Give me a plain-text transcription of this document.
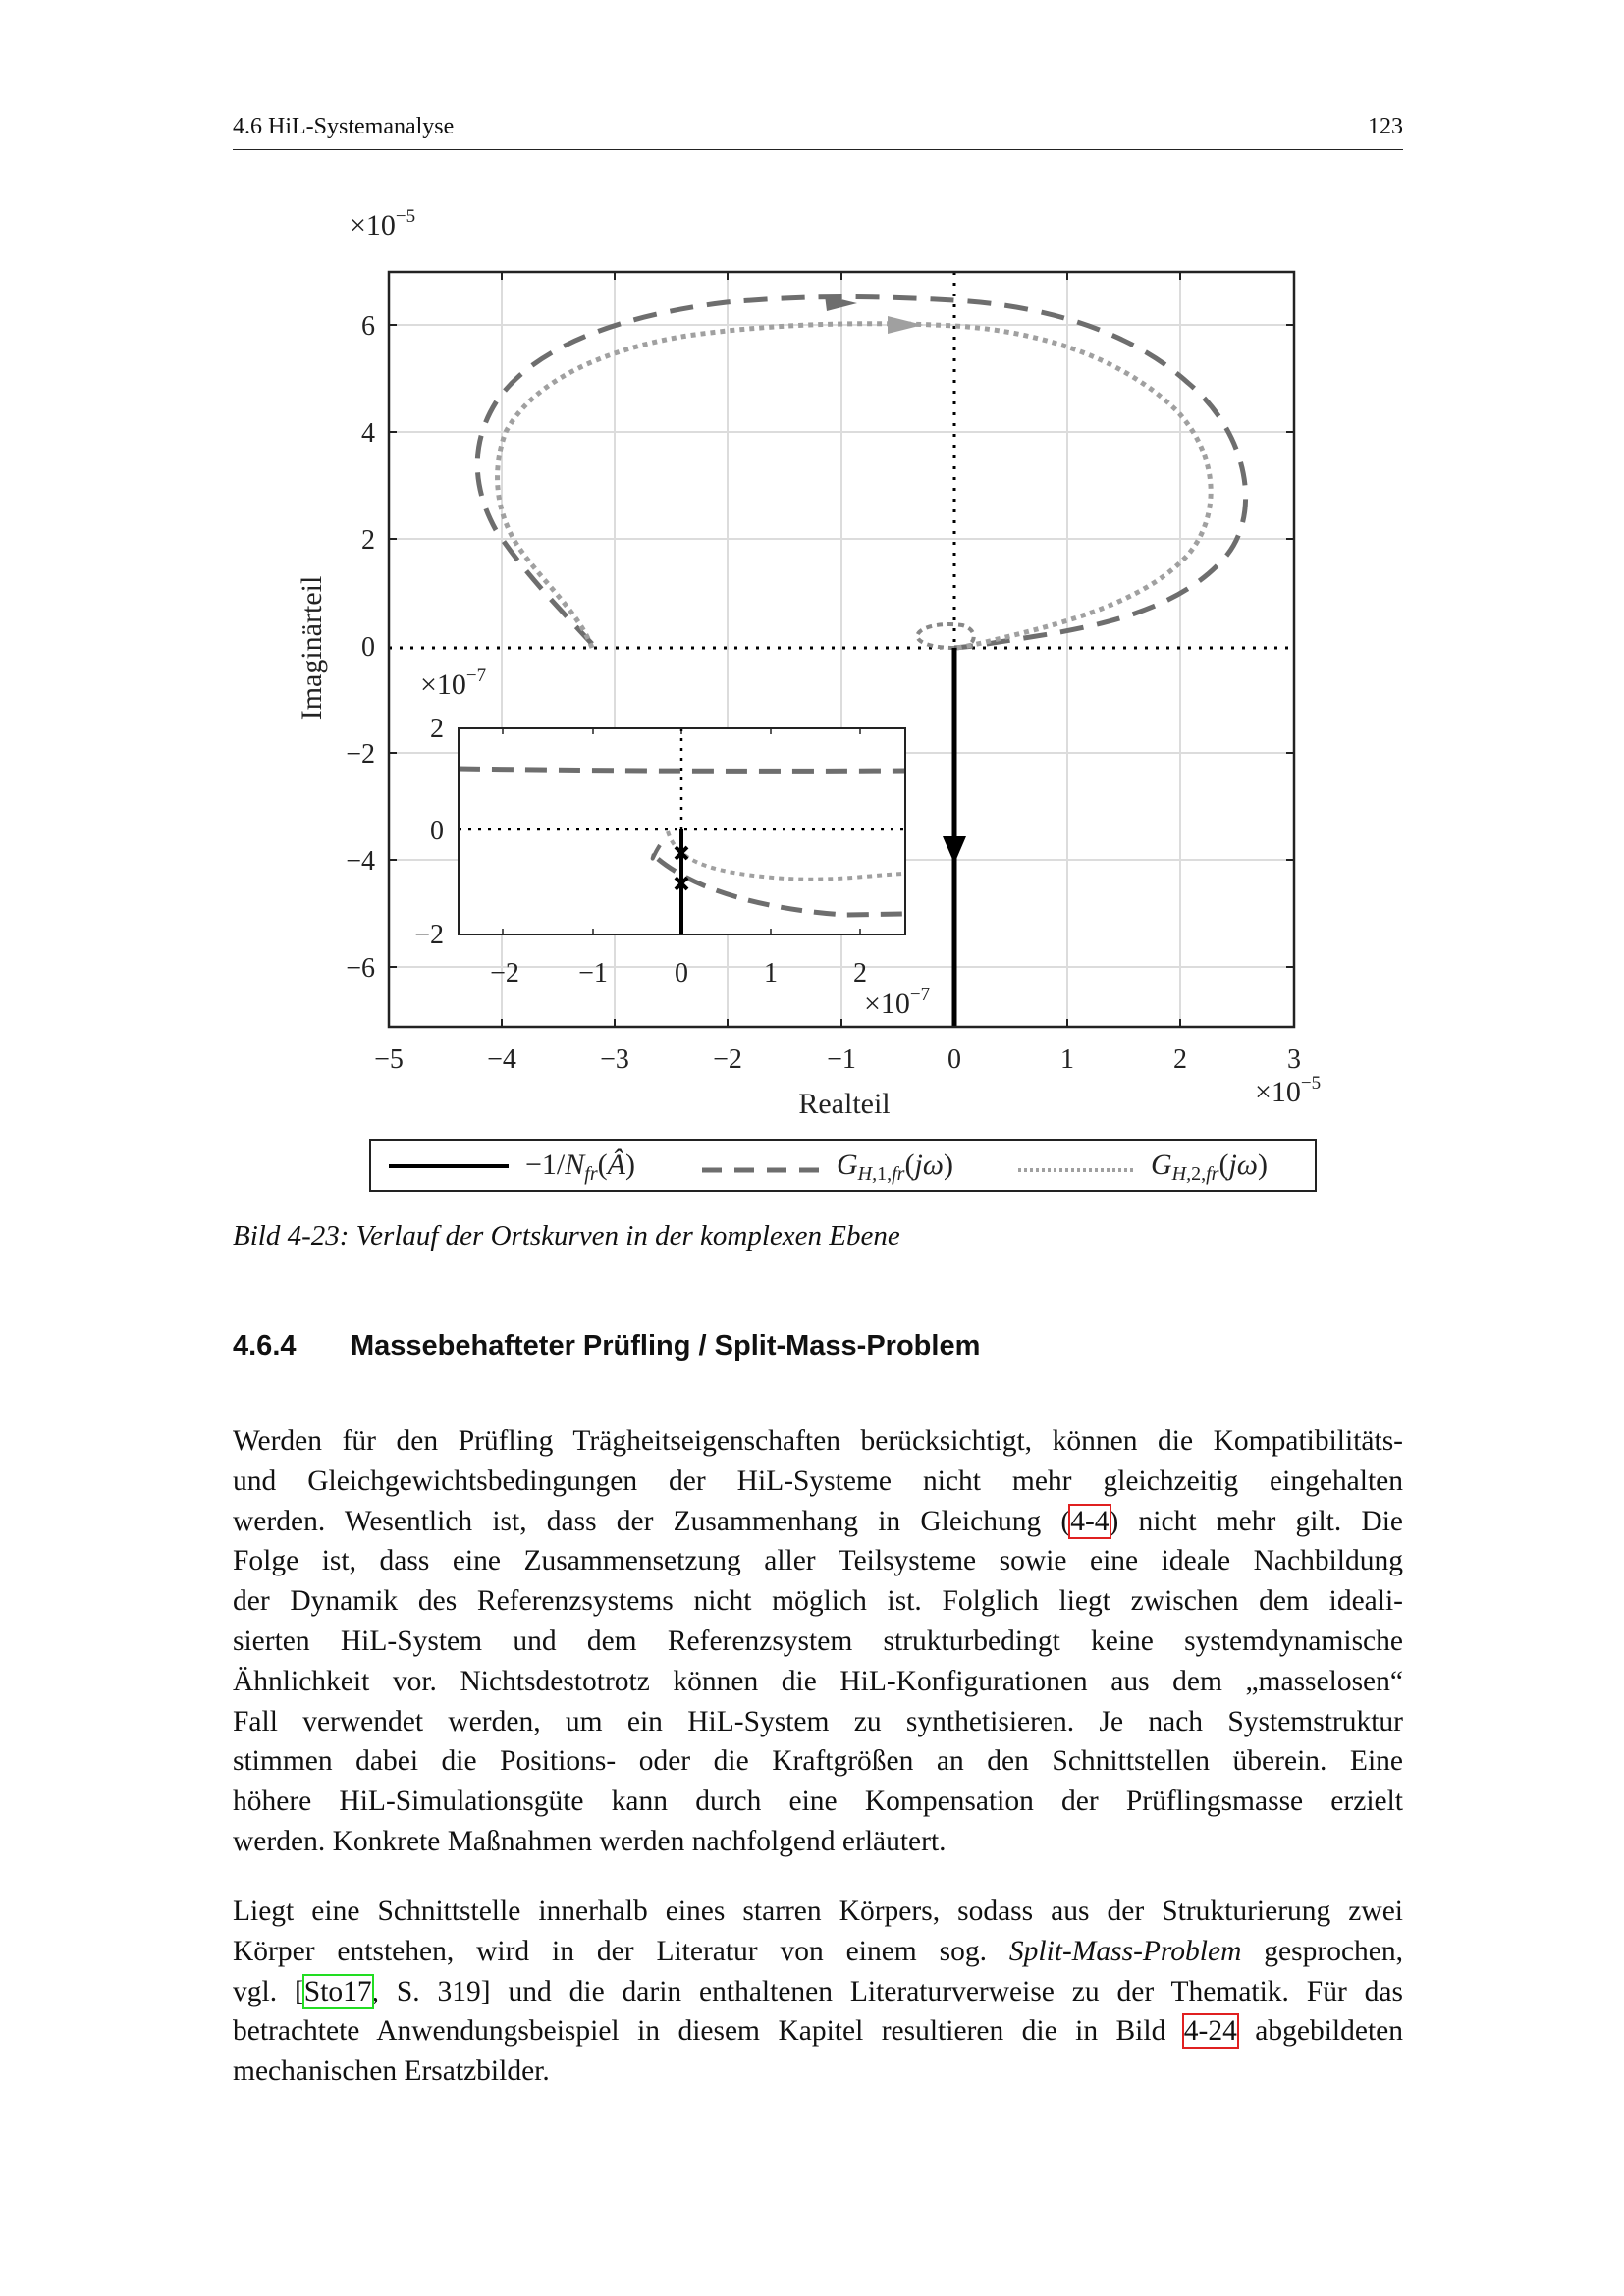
4.6 HiL-Systemanalyse	123
−5	−4	−3	−2	−1	0	1	2	3
6
4
2
0
−2
−4
−6	−2 −1 0	1	2
2
0
−2
$\times 10^{-5}$
$\times 10^{-5}$
$\times 10^{-7}$
$\times 10^{-7}$
Realteil
Imaginärteil
$-1/N_{fr}(Â)$	$G_{H,}1,fr(j\omega)$	$G_{H,}2,fr(j\omega)$
Bild 4-23: Verlauf der Ortskurven in der komplexen Ebene
4.6.4 Massebehafteter Prüfling / Split-Mass-Problem
Werden für den Prüfling Trägheitseigenschaften berücksichtigt, können die Kompatibilitäts-
und Gleichgewichtsbedingungen der HiL-Systeme nicht mehr gleichzeitig eingehalten
werden. Wesentlich ist, dass der Zusammenhang in Gleichung (4-4) nicht mehr gilt. Die
Folge ist, dass eine Zusammensetzung aller Teilsysteme sowie eine ideale Nachbildung
der Dynamik des Referenzsystems nicht möglich ist. Folglich liegt zwischen dem ideali-
sierten HiL-System und dem Referenzsystem strukturbedingt keine systemdynamische
Ähnlichkeit vor. Nichtsdestotrotz können die HiL-Konfigurationen aus dem „masselosen“
Fall verwendet werden, um ein HiL-System zu synthetisieren. Je nach Systemstruktur
stimmen dabei die Positions- oder die Kraftgrößen an den Schnittstellen überein. Eine
höhere HiL-Simulationsgüte kann durch eine Kompensation der Prüflingsmasse erzielt
werden. Konkrete Maßnahmen werden nachfolgend erläutert.
Liegt eine Schnittstelle innerhalb eines starren Körpers, sodass aus der Strukturierung zwei
Körper entstehen, wird in der Literatur von einem sog. Split-Mass-Problem gesprochen,
vgl. [Sto17, S. 319] und die darin enthaltenen Literaturverweise zu der Thematik. Für das
betrachtete Anwendungsbeispiel in diesem Kapitel resultieren die in Bild 4-24 abgebildeten
mechanischen Ersatzbilder.
